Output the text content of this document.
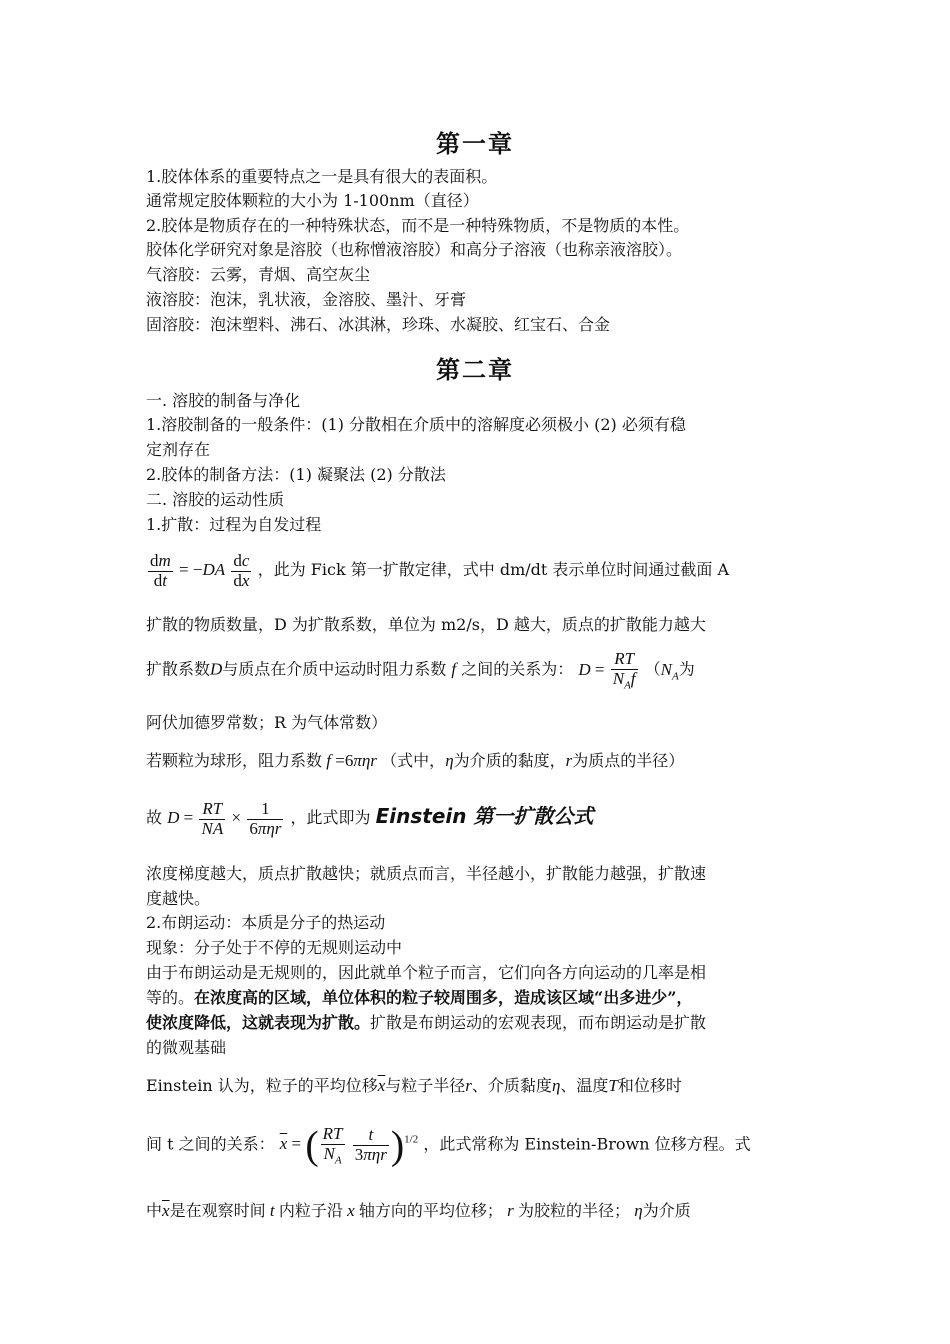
第一章
1.胶体体系的重要特点之一是具有很大的表面积。
通常规定胶体颗粒的大小为 1-100nm（直径）
2.胶体是物质存在的一种特殊状态，而不是一种特殊物质，不是物质的本性。
胶体化学研究对象是溶胶（也称憎液溶胶）和高分子溶液（也称亲液溶胶）。
气溶胶：云雾，青烟、高空灰尘
液溶胶：泡沫，乳状液，金溶胶、墨汁、牙膏
固溶胶：泡沫塑料、沸石、冰淇淋，珍珠、水凝胶、红宝石、合金
第二章
一. 溶胶的制备与净化
1.溶胶制备的一般条件：(1) 分散相在介质中的溶解度必须极小 (2) 必须有稳
定剂存在
2.胶体的制备方法：(1) 凝聚法 (2) 分散法
二. 溶胶的运动性质
1.扩散：过程为自发过程
$\frac{dm}{dt} = -DA \frac{dc}{dx}$ ，此为 Fick 第一扩散定律，式中 dm/dt 表示单位时间通过截面 A
扩散的物质数量，D 为扩散系数，单位为 m2/s，D 越大，质点的扩散能力越大
扩散系数D与质点在介质中运动时阻力系数 f 之间的关系为： $D = \frac{RT}{N_Af} (N_A$为
阿伏加德罗常数；R 为气体常数）
若颗粒为球形，阻力系数 f =6πηr （式中，η为介质的黏度，r为质点的半径）
故 $D = \frac{RT}{NA} \times \frac{1}{\text{6πηr}}$ ，此式即为 Einstein 第一扩散公式
浓度梯度越大，质点扩散越快；就质点而言，半径越小，扩散能力越强，扩散速
度越快。
2.布朗运动：本质是分子的热运动
现象：分子处于不停的无规则运动中
由于布朗运动是无规则的，因此就单个粒子而言，它们向各方向运动的几率是相
等的。在浓度高的区域，单位体积的粒子较周围多，造成该区域“出多进少”，
使浓度降低，这就表现为扩散。扩散是布朗运动的宏观表现，而布朗运动是扩散
的微观基础
Einstein 认为，粒子的平均位移$\overline{x}$与粒子半径r、介质黏度η、温度T和位移时
间 t 之间的关系： $\overline{x}$ = ( $\frac{RT}{N_A}$
$\frac{t}{\text{3πηr}} )^{1/2}$ ，此式常称为 Einstein-Brown 位移方程。式
中$\overline{x}$是在观察时间 t 内粒子沿 x 轴方向的平均位移； r 为胶粒的半径； η为介质
